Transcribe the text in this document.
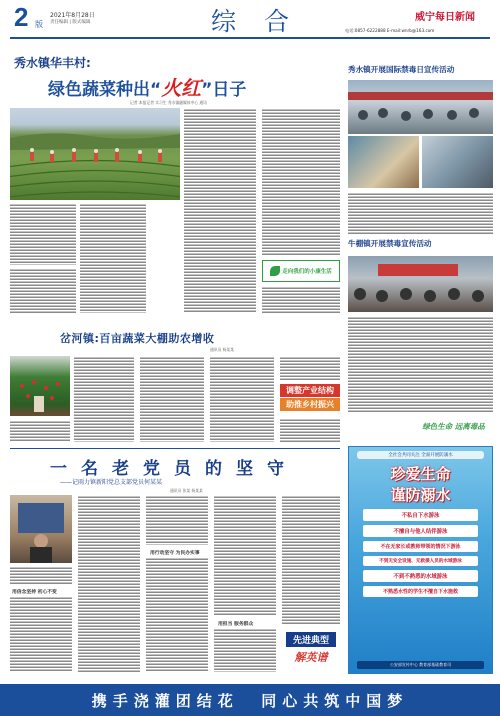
2 版
2021年8月28日
责任编辑 | 版式编辑	综 合	威宁每日新闻
电话:0857-6222888 E-mail:wnrb@163.com
秀水镇华丰村:
绿色蔬菜种出“火红”日子
记者 本报记者 实习生 秀水镇融媒体中心 通讯
走向我们的小康生活
秀水镇开展国际禁毒日宣传活动
牛棚镇开展禁毒宣传活动
岔河镇:百亩蔬菜大棚助农增收
通讯员 杨某某
调整产业结构
助推乡村振兴
绿色生命 远离毒品
一名老党员的坚守
——记雨力镇新阳党总支部党员何某某
通讯员 张某 杨某某
用信念坚持 初心不变
用行动坚守 为民办实事
用担当 服务群众
先进典型
解英谱
全社会共同关注 全面开展防溺水
珍爱生命
谨防溺水
不私自下水游泳
不擅自与他人结伴游泳
不在无家长或教师带领的情况下游泳
不到无安全设施、无救援人员的水域游泳
不到不熟悉的水域游泳
不熟悉水性的学生不擅自下水施救
公安部宣传中心 教育部基础教育司
携手浇灌团结花  同心共筑中国梦
